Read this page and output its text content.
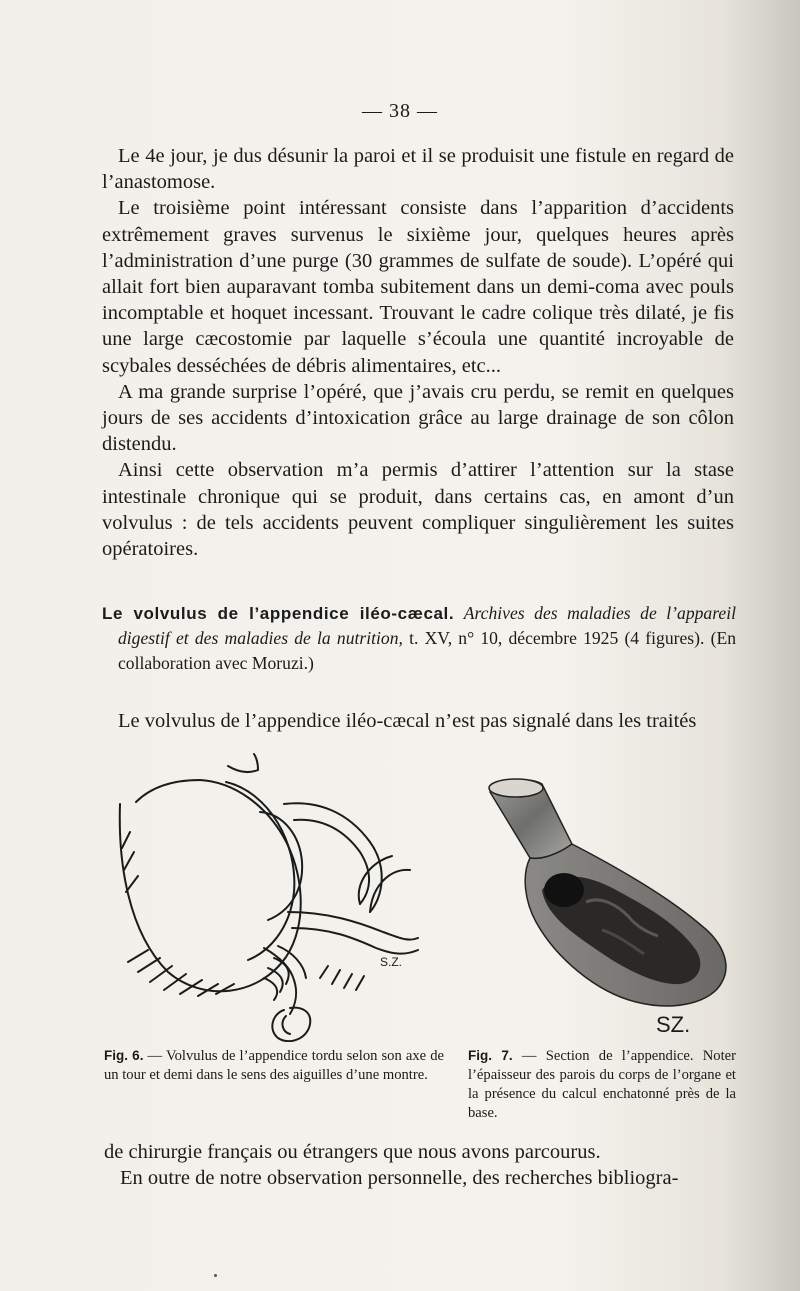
— 38 —

Le 4e jour, je dus désunir la paroi et il se produisit une fistule en regard de l’anastomose.

Le troisième point intéressant consiste dans l’apparition d’accidents extrêmement graves survenus le sixième jour, quelques heures après l’administration d’une purge (30 grammes de sulfate de soude). L’opéré qui allait fort bien auparavant tomba subitement dans un demi-coma avec pouls incomptable et hoquet incessant. Trouvant le cadre colique très dilaté, je fis une large cæcostomie par laquelle s’écoula une quantité incroyable de scybales desséchées de débris alimentaires, etc...

A ma grande surprise l’opéré, que j’avais cru perdu, se remit en quelques jours de ses accidents d’intoxication grâce au large drainage de son côlon distendu.

Ainsi cette observation m’a permis d’attirer l’attention sur la stase intestinale chronique qui se produit, dans certains cas, en amont d’un volvulus : de tels accidents peuvent compliquer singulièrement les suites opératoires.

Le volvulus de l’appendice iléo-cæcal. Archives des maladies de l’appareil digestif et des maladies de la nutrition, t. XV, n° 10, décembre 1925 (4 figures). (En collaboration avec Moruzi.)
Le volvulus de l’appendice iléo-cæcal n’est pas signalé dans les traités
S.Z.
SZ.
Fig. 6. — Volvulus de l’appendice tordu selon son axe de un tour et demi dans le sens des aiguilles d’une montre.
Fig. 7. — Section de l’appendice. Noter l’épaisseur des parois du corps de l’organe et la présence du calcul enchatonné près de la base.

de chirurgie français ou étrangers que nous avons parcourus.

En outre de notre observation personnelle, des recherches bibliogra-
